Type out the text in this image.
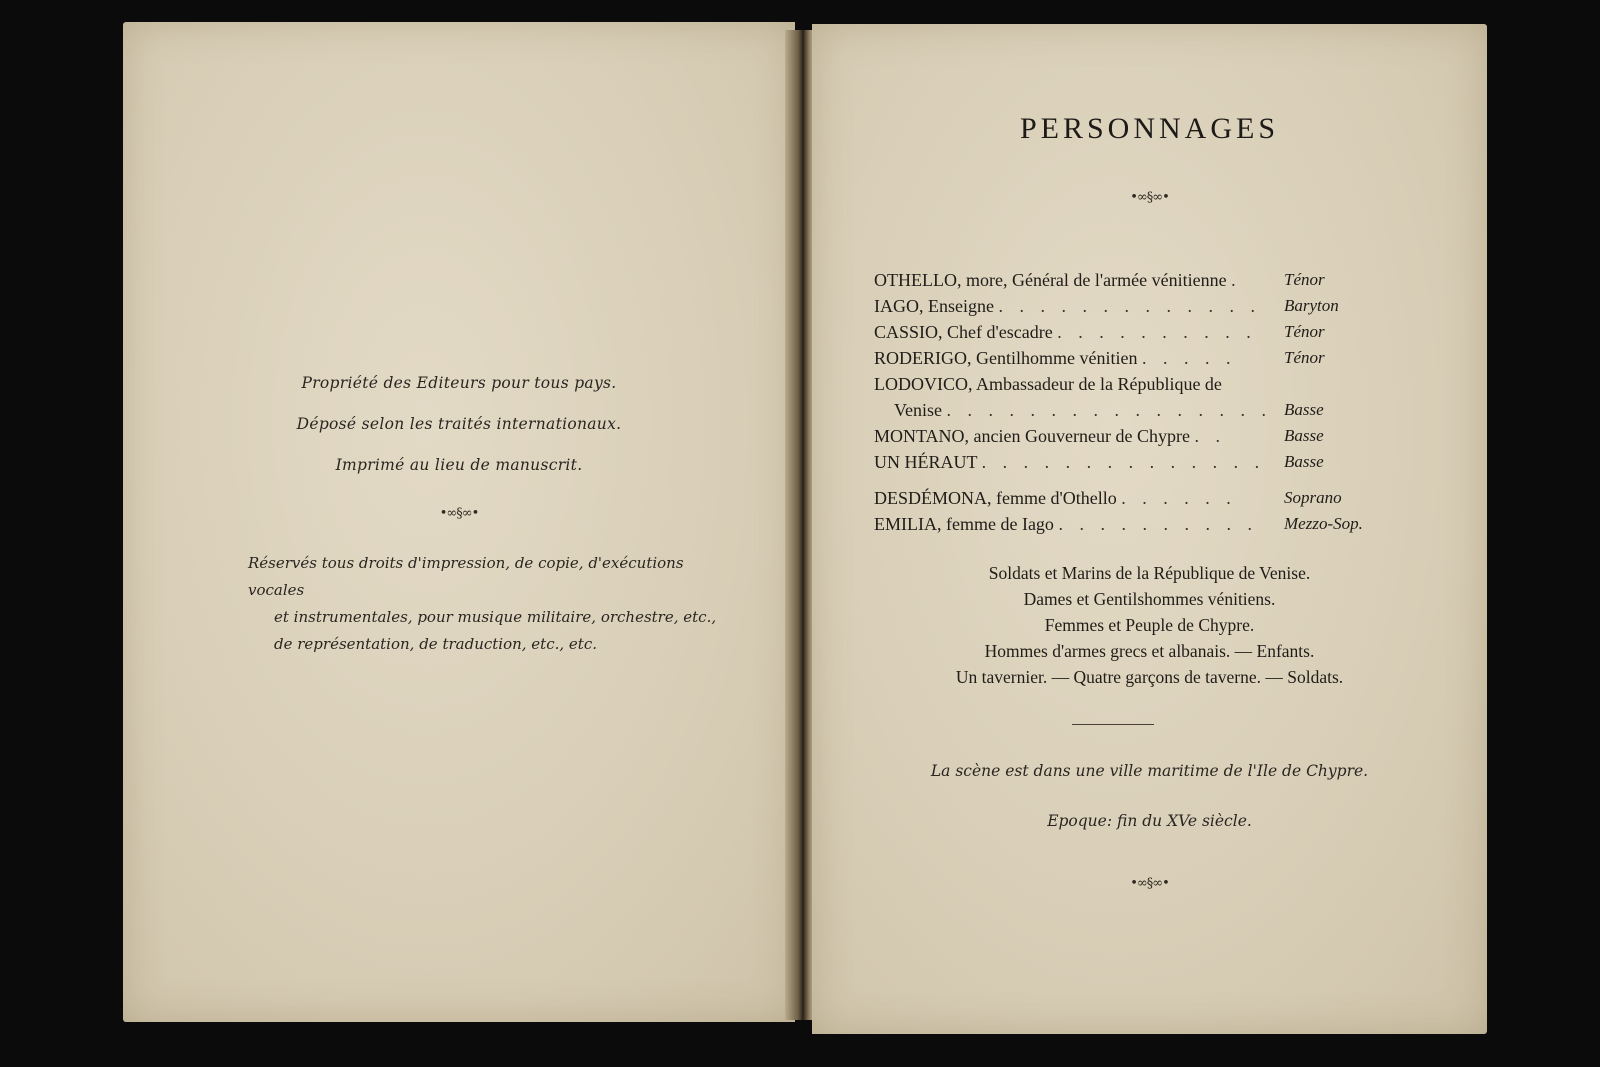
Propriété des Editeurs pour tous pays.
Déposé selon les traités internationaux.
Imprimé au lieu de manuscrit.
•∞§∞•

Réservés tous droits d'impression, de copie, d'exécutions vocales

et instrumentales, pour musique militaire, orchestre, etc.,

de représentation, de traduction, etc., etc.

PERSONNAGES
•∞§∞•
OTHELLO, more, Général de l'armée vénitienne . Ténor
IAGO, Enseigne . . . . . . . . . . . . . Baryton
CASSIO, Chef d'escadre . . . . . . . . . . Ténor
RODERIGO, Gentilhomme vénitien . . . . .	Ténor
LODOVICO, Ambassadeur de la République de
Venise . . . . . . . . . . . . . . . . Basse
MONTANO, ancien Gouverneur de Chypre . .	Basse
UN HÉRAUT . . . . . . . . . . . . . . Basse
DESDÉMONA, femme d'Othello . . . . . .	Soprano
EMILIA, femme de Iago . . . . . . . . . . Mezzo-Sop.
Soldats et Marins de la République de Venise.
Dames et Gentilshommes vénitiens.
Femmes et Peuple de Chypre.
Hommes d'armes grecs et albanais. — Enfants.
Un tavernier. — Quatre garçons de taverne. — Soldats.
La scène est dans une ville maritime de l'Ile de Chypre.
Epoque: fin du XVe siècle.
•∞§∞•
